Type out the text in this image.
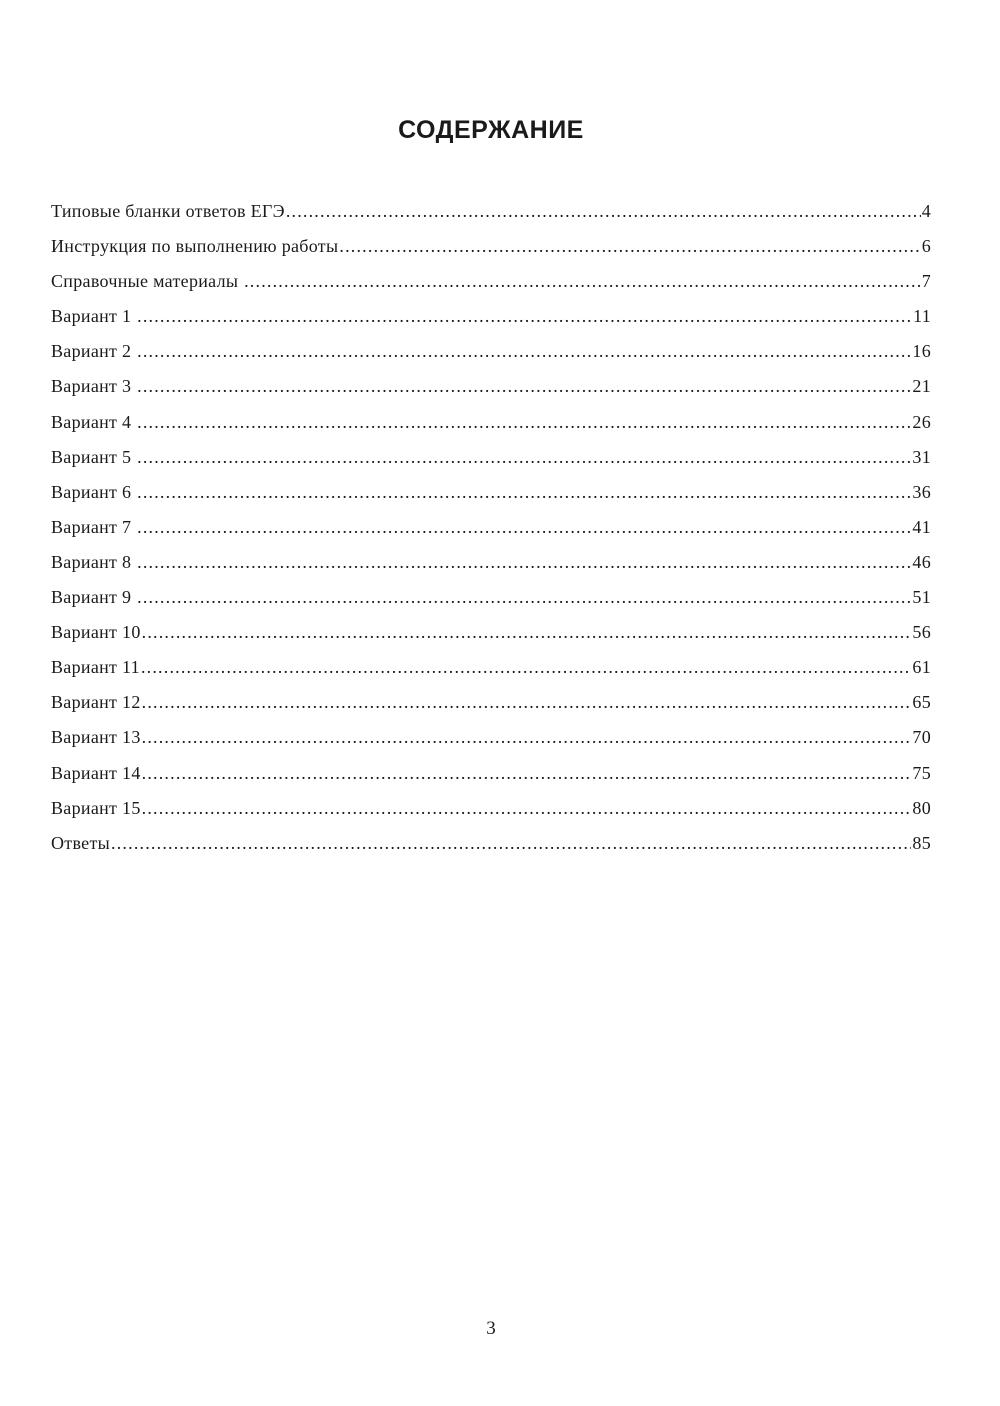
СОДЕРЖАНИЕ
Типовые бланки ответов ЕГЭ .....	4
Инструкция по выполнению работы .....	6
Справочные материалы .....	7
Вариант 1 .....	11
Вариант 2 .....	16
Вариант 3 .....	21
Вариант 4 .....	26
Вариант 5 .....	31
Вариант 6 .....	36
Вариант 7 .....	41
Вариант 8 .....	46
Вариант 9 .....	51
Вариант 10 .....	56
Вариант 11 .....	61
Вариант 12 .....	65
Вариант 13 .....	70
Вариант 14 .....	75
Вариант 15 .....	80
Ответы .....	85

3
